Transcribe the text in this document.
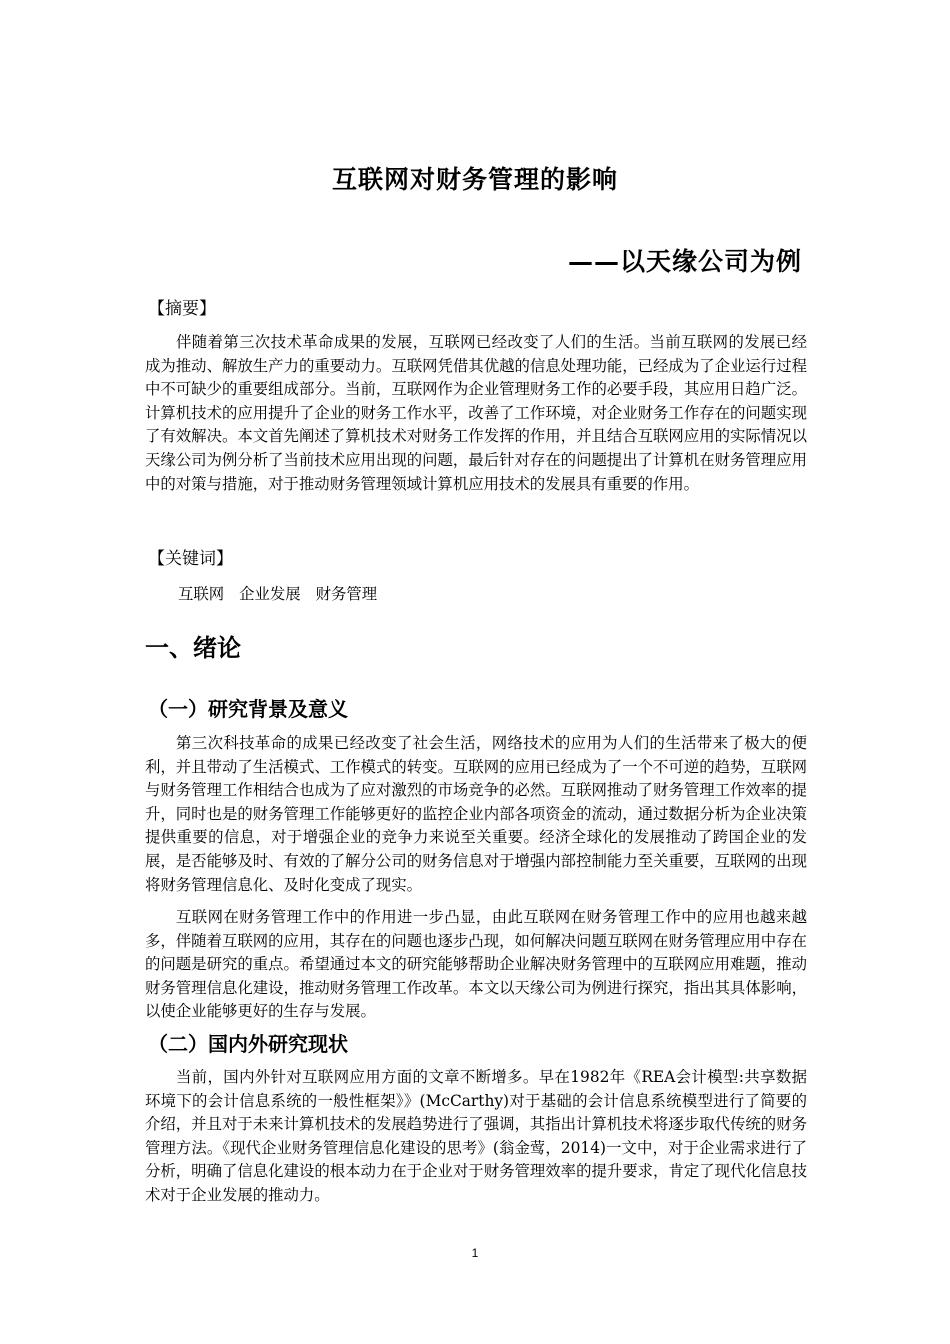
互联网对财务管理的影响
——以天缘公司为例
【摘要】

伴随着第三次技术革命成果的发展，互联网已经改变了人们的生活。当前互联网的发展已经成为推动、解放生产力的重要动力。互联网凭借其优越的信息处理功能，已经成为了企业运行过程中不可缺少的重要组成部分。当前，互联网作为企业管理财务工作的必要手段，其应用日趋广泛。计算机技术的应用提升了企业的财务工作水平，改善了工作环境，对企业财务工作存在的问题实现了有效解决。本文首先阐述了算机技术对财务工作发挥的作用，并且结合互联网应用的实际情况以天缘公司为例分析了当前技术应用出现的问题，最后针对存在的问题提出了计算机在财务管理应用中的对策与措施，对于推动财务管理领域计算机应用技术的发展具有重要的作用。

【关键词】
互联网 企业发展 财务管理
一、绪论
（一）研究背景及意义

第三次科技革命的成果已经改变了社会生活，网络技术的应用为人们的生活带来了极大的便利，并且带动了生活模式、工作模式的转变。互联网的应用已经成为了一个不可逆的趋势，互联网与财务管理工作相结合也成为了应对激烈的市场竞争的必然。互联网推动了财务管理工作效率的提升，同时也是的财务管理工作能够更好的监控企业内部各项资金的流动，通过数据分析为企业决策提供重要的信息，对于增强企业的竞争力来说至关重要。经济全球化的发展推动了跨国企业的发展，是否能够及时、有效的了解分公司的财务信息对于增强内部控制能力至关重要，互联网的出现将财务管理信息化、及时化变成了现实。

互联网在财务管理工作中的作用进一步凸显，由此互联网在财务管理工作中的应用也越来越多，伴随着互联网的应用，其存在的问题也逐步凸现，如何解决问题互联网在财务管理应用中存在的问题是研究的重点。希望通过本文的研究能够帮助企业解决财务管理中的互联网应用难题，推动财务管理信息化建设，推动财务管理工作改革。本文以天缘公司为例进行探究，指出其具体影响，以使企业能够更好的生存与发展。

（二）国内外研究现状

当前，国内外针对互联网应用方面的文章不断增多。早在1982年《REA会计模型:共享数据环境下的会计信息系统的一般性框架》》(McCarthy)对于基础的会计信息系统模型进行了简要的介绍，并且对于未来计算机技术的发展趋势进行了强调，其指出计算机技术将逐步取代传统的财务管理方法。《现代企业财务管理信息化建设的思考》(翁金莺，2014)一文中，对于企业需求进行了分析，明确了信息化建设的根本动力在于企业对于财务管理效率的提升要求，肯定了现代化信息技术对于企业发展的推动力。

1
